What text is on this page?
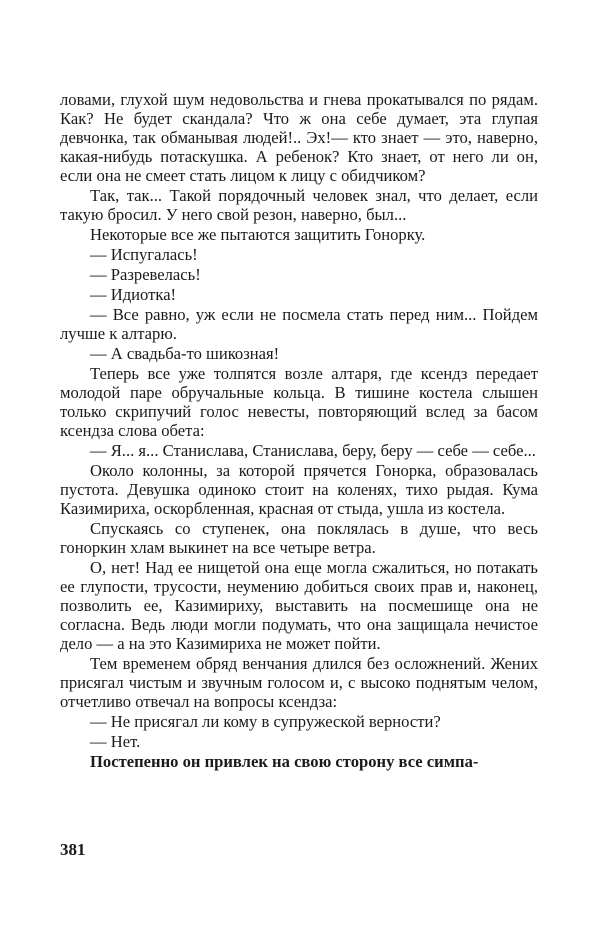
ловами, глухой шум недовольства и гнева прокатывался по рядам. Как? Не будет скандала? Что ж она себе думает, эта глупая девчонка, так обманывая людей!.. Эх!— кто знает — это, наверно, какая-нибудь потаскушка. А ребенок? Кто знает, от него ли он, если она не смеет стать лицом к лицу с обидчиком?

Так, так... Такой порядочный человек знал, что делает, если такую бросил. У него свой резон, наверно, был...

Некоторые все же пытаются защитить Гонорку.

— Испугалась!

— Разревелась!

— Идиотка!

— Все равно, уж если не посмела стать перед ним... Пойдем лучше к алтарю.

— А свадьба-то шикозная!

Теперь все уже толпятся возле алтаря, где ксендз передает молодой паре обручальные кольца. В тишине костела слышен только скрипучий голос невесты, повторяющий вслед за басом ксендза слова обета:

— Я... я... Станислава, Станислава, беру, беру — себе — себе...

Около колонны, за которой прячется Гонорка, образовалась пустота. Девушка одиноко стоит на коленях, тихо рыдая. Кума Казимириха, оскорбленная, красная от стыда, ушла из костела.

Спускаясь со ступенек, она поклялась в душе, что весь гоноркин хлам выкинет на все четыре ветра.

О, нет! Над ее нищетой она еще могла сжалиться, но потакать ее глупости, трусости, неумению добиться своих прав и, наконец, позволить ее, Казимириху, выставить на посмешище она не согласна. Ведь люди могли подумать, что она защищала нечистое дело — а на это Казимириха не может пойти.

Тем временем обряд венчания длился без осложнений. Жених присягал чистым и звучным голосом и, с высоко поднятым челом, отчетливо отвечал на вопросы ксендза:

— Не присягал ли кому в супружеской верности?

— Нет.

Постепенно он привлек на свою сторону все симпа-

381
